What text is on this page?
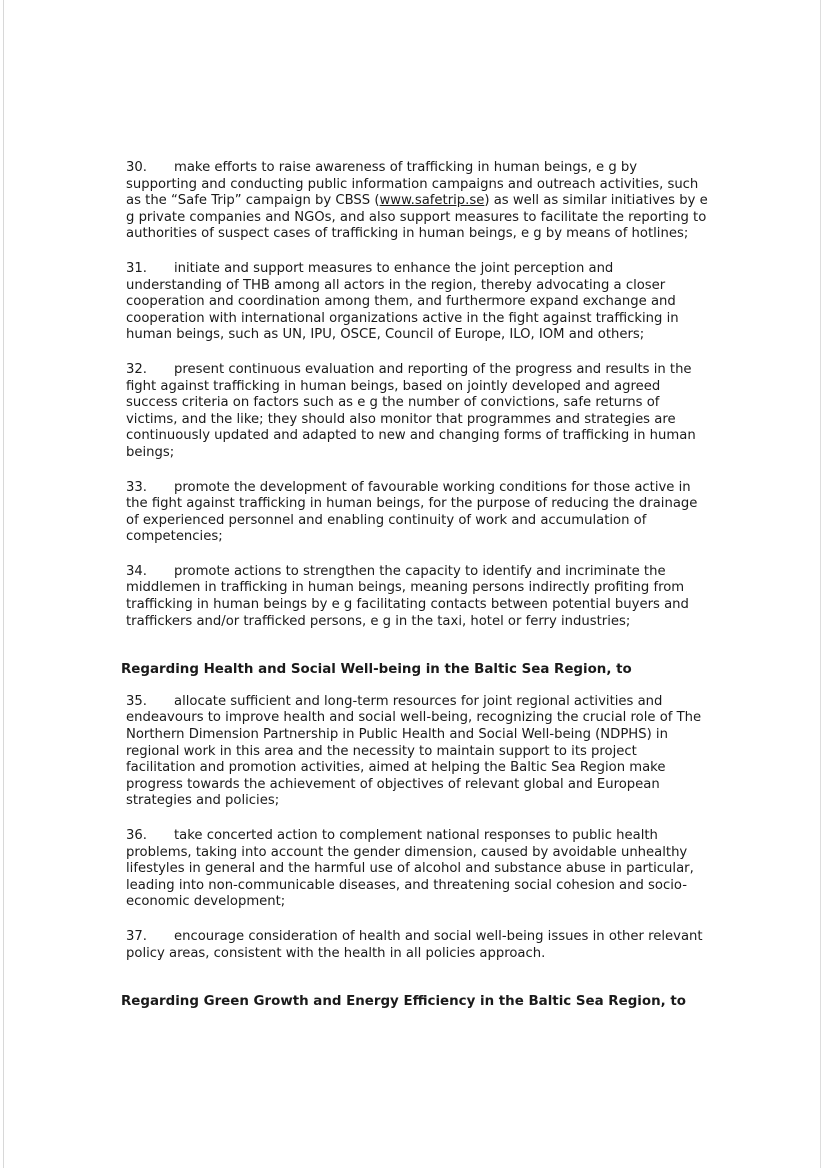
30. make efforts to raise awareness of trafficking in human beings, e g by supporting and conducting public information campaigns and outreach activities, such as the “Safe Trip” campaign by CBSS (www.safetrip.se) as well as similar initiatives by e g private companies and NGOs, and also support measures to facilitate the reporting to authorities of suspect cases of trafficking in human beings, e g by means of hotlines;

31. initiate and support measures to enhance the joint perception and understanding of THB among all actors in the region, thereby advocating a closer cooperation and coordination among them, and furthermore expand exchange and cooperation with international organizations active in the fight against trafficking in human beings, such as UN, IPU, OSCE, Council of Europe, ILO, IOM and others;

32. present continuous evaluation and reporting of the progress and results in the fight against trafficking in human beings, based on jointly developed and agreed success criteria on factors such as e g the number of convictions, safe returns of victims, and the like; they should also monitor that programmes and strategies are continuously updated and adapted to new and changing forms of trafficking in human beings;

33. promote the development of favourable working conditions for those active in the fight against trafficking in human beings, for the purpose of reducing the drainage of experienced personnel and enabling continuity of work and accumulation of competencies;

34. promote actions to strengthen the capacity to identify and incriminate the middlemen in trafficking in human beings, meaning persons indirectly profiting from trafficking in human beings by e g facilitating contacts between potential buyers and traffickers and/or trafficked persons, e g in the taxi, hotel or ferry industries;

Regarding Health and Social Well-being in the Baltic Sea Region, to

35. allocate sufficient and long-term resources for joint regional activities and endeavours to improve health and social well-being, recognizing the crucial role of The Northern Dimension Partnership in Public Health and Social Well-being (NDPHS) in regional work in this area and the necessity to maintain support to its project facilitation and promotion activities, aimed at helping the Baltic Sea Region make progress towards the achievement of objectives of relevant global and European strategies and policies;

36. take concerted action to complement national responses to public health problems, taking into account the gender dimension, caused by avoidable unhealthy lifestyles in general and the harmful use of alcohol and substance abuse in particular, leading into non-communicable diseases, and threatening social cohesion and socio-economic development;

37. encourage consideration of health and social well-being issues in other relevant policy areas, consistent with the health in all policies approach.

Regarding Green Growth and Energy Efficiency in the Baltic Sea Region, to
